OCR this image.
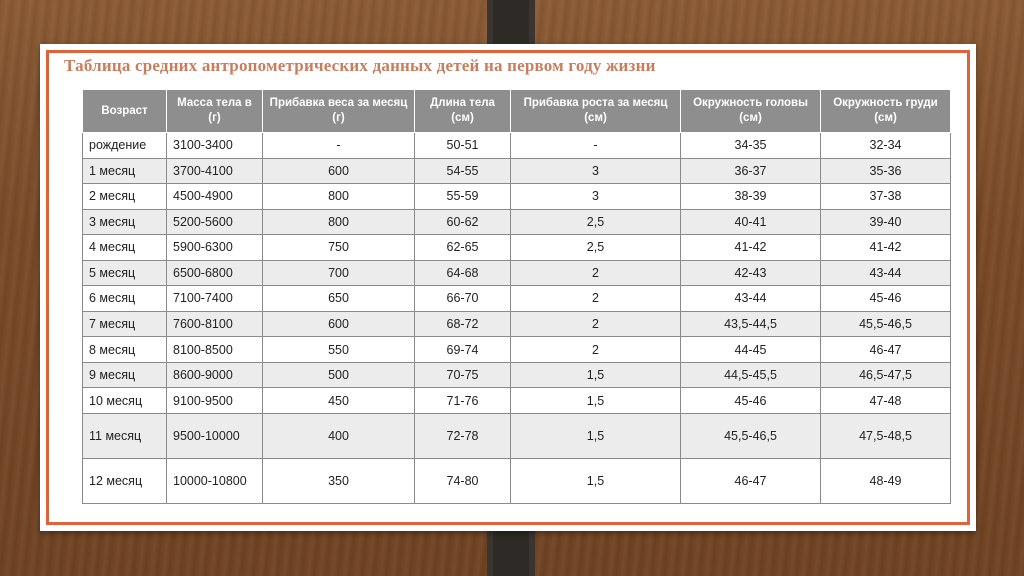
Таблица средних антропометрических данных детей на первом году жизни
Возраст	Масса тела в (г)	Прибавка веса за месяц (г)	Длина тела (см)	Прибавка роста за месяц (см)	Окружность головы (см)	Окружность груди (см)
рождение	3100-3400	-	50-51	-	34-35	32-34
1 месяц	3700-4100	600	54-55	3	36-37	35-36
2 месяц	4500-4900	800	55-59	3	38-39	37-38
3 месяц	5200-5600	800	60-62	2,5	40-41	39-40
4 месяц	5900-6300	750	62-65	2,5	41-42	41-42
5 месяц	6500-6800	700	64-68	2	42-43	43-44
6 месяц	7100-7400	650	66-70	2	43-44	45-46
7 месяц	7600-8100	600	68-72	2	43,5-44,5	45,5-46,5
8 месяц	8100-8500	550	69-74	2	44-45	46-47
9 месяц	8600-9000	500	70-75	1,5	44,5-45,5	46,5-47,5
10 месяц	9100-9500	450	71-76	1,5	45-46	47-48
11 месяц	9500-10000	400	72-78	1,5	45,5-46,5	47,5-48,5
12 месяц	10000-10800	350	74-80	1,5	46-47	48-49
